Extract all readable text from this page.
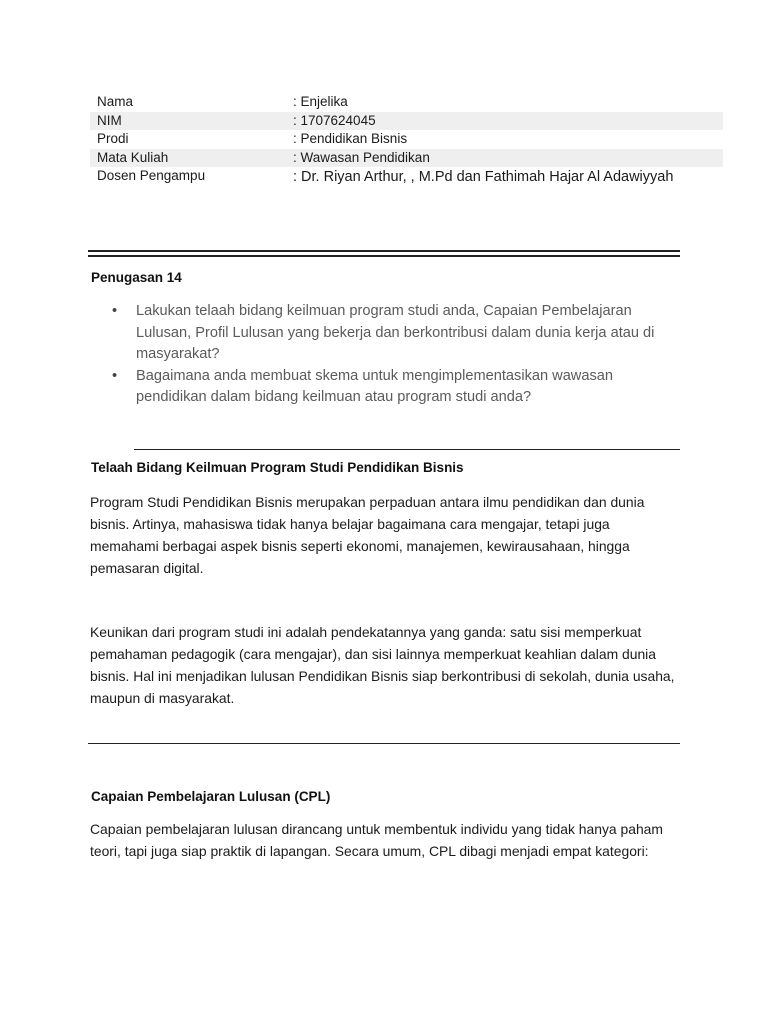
Nama	: Enjelika
NIM	: 1707624045
Prodi	: Pendidikan Bisnis
Mata Kuliah	: Wawasan Pendidikan
Dosen Pengampu	: Dr. Riyan Arthur, , M.Pd dan Fathimah Hajar Al Adawiyyah
Penugasan 14
• Lakukan telaah bidang keilmuan program studi anda, Capaian Pembelajaran Lulusan, Profil Lulusan yang bekerja dan berkontribusi dalam dunia kerja atau di masyarakat?
• Bagaimana anda membuat skema untuk mengimplementasikan wawasan pendidikan dalam bidang keilmuan atau program studi anda?
Telaah Bidang Keilmuan Program Studi Pendidikan Bisnis

Program Studi Pendidikan Bisnis merupakan perpaduan antara ilmu pendidikan dan dunia bisnis. Artinya, mahasiswa tidak hanya belajar bagaimana cara mengajar, tetapi juga memahami berbagai aspek bisnis seperti ekonomi, manajemen, kewirausahaan, hingga pemasaran digital.

Keunikan dari program studi ini adalah pendekatannya yang ganda: satu sisi memperkuat pemahaman pedagogik (cara mengajar), dan sisi lainnya memperkuat keahlian dalam dunia bisnis. Hal ini menjadikan lulusan Pendidikan Bisnis siap berkontribusi di sekolah, dunia usaha, maupun di masyarakat.

Capaian Pembelajaran Lulusan (CPL)

Capaian pembelajaran lulusan dirancang untuk membentuk individu yang tidak hanya paham teori, tapi juga siap praktik di lapangan. Secara umum, CPL dibagi menjadi empat kategori:
